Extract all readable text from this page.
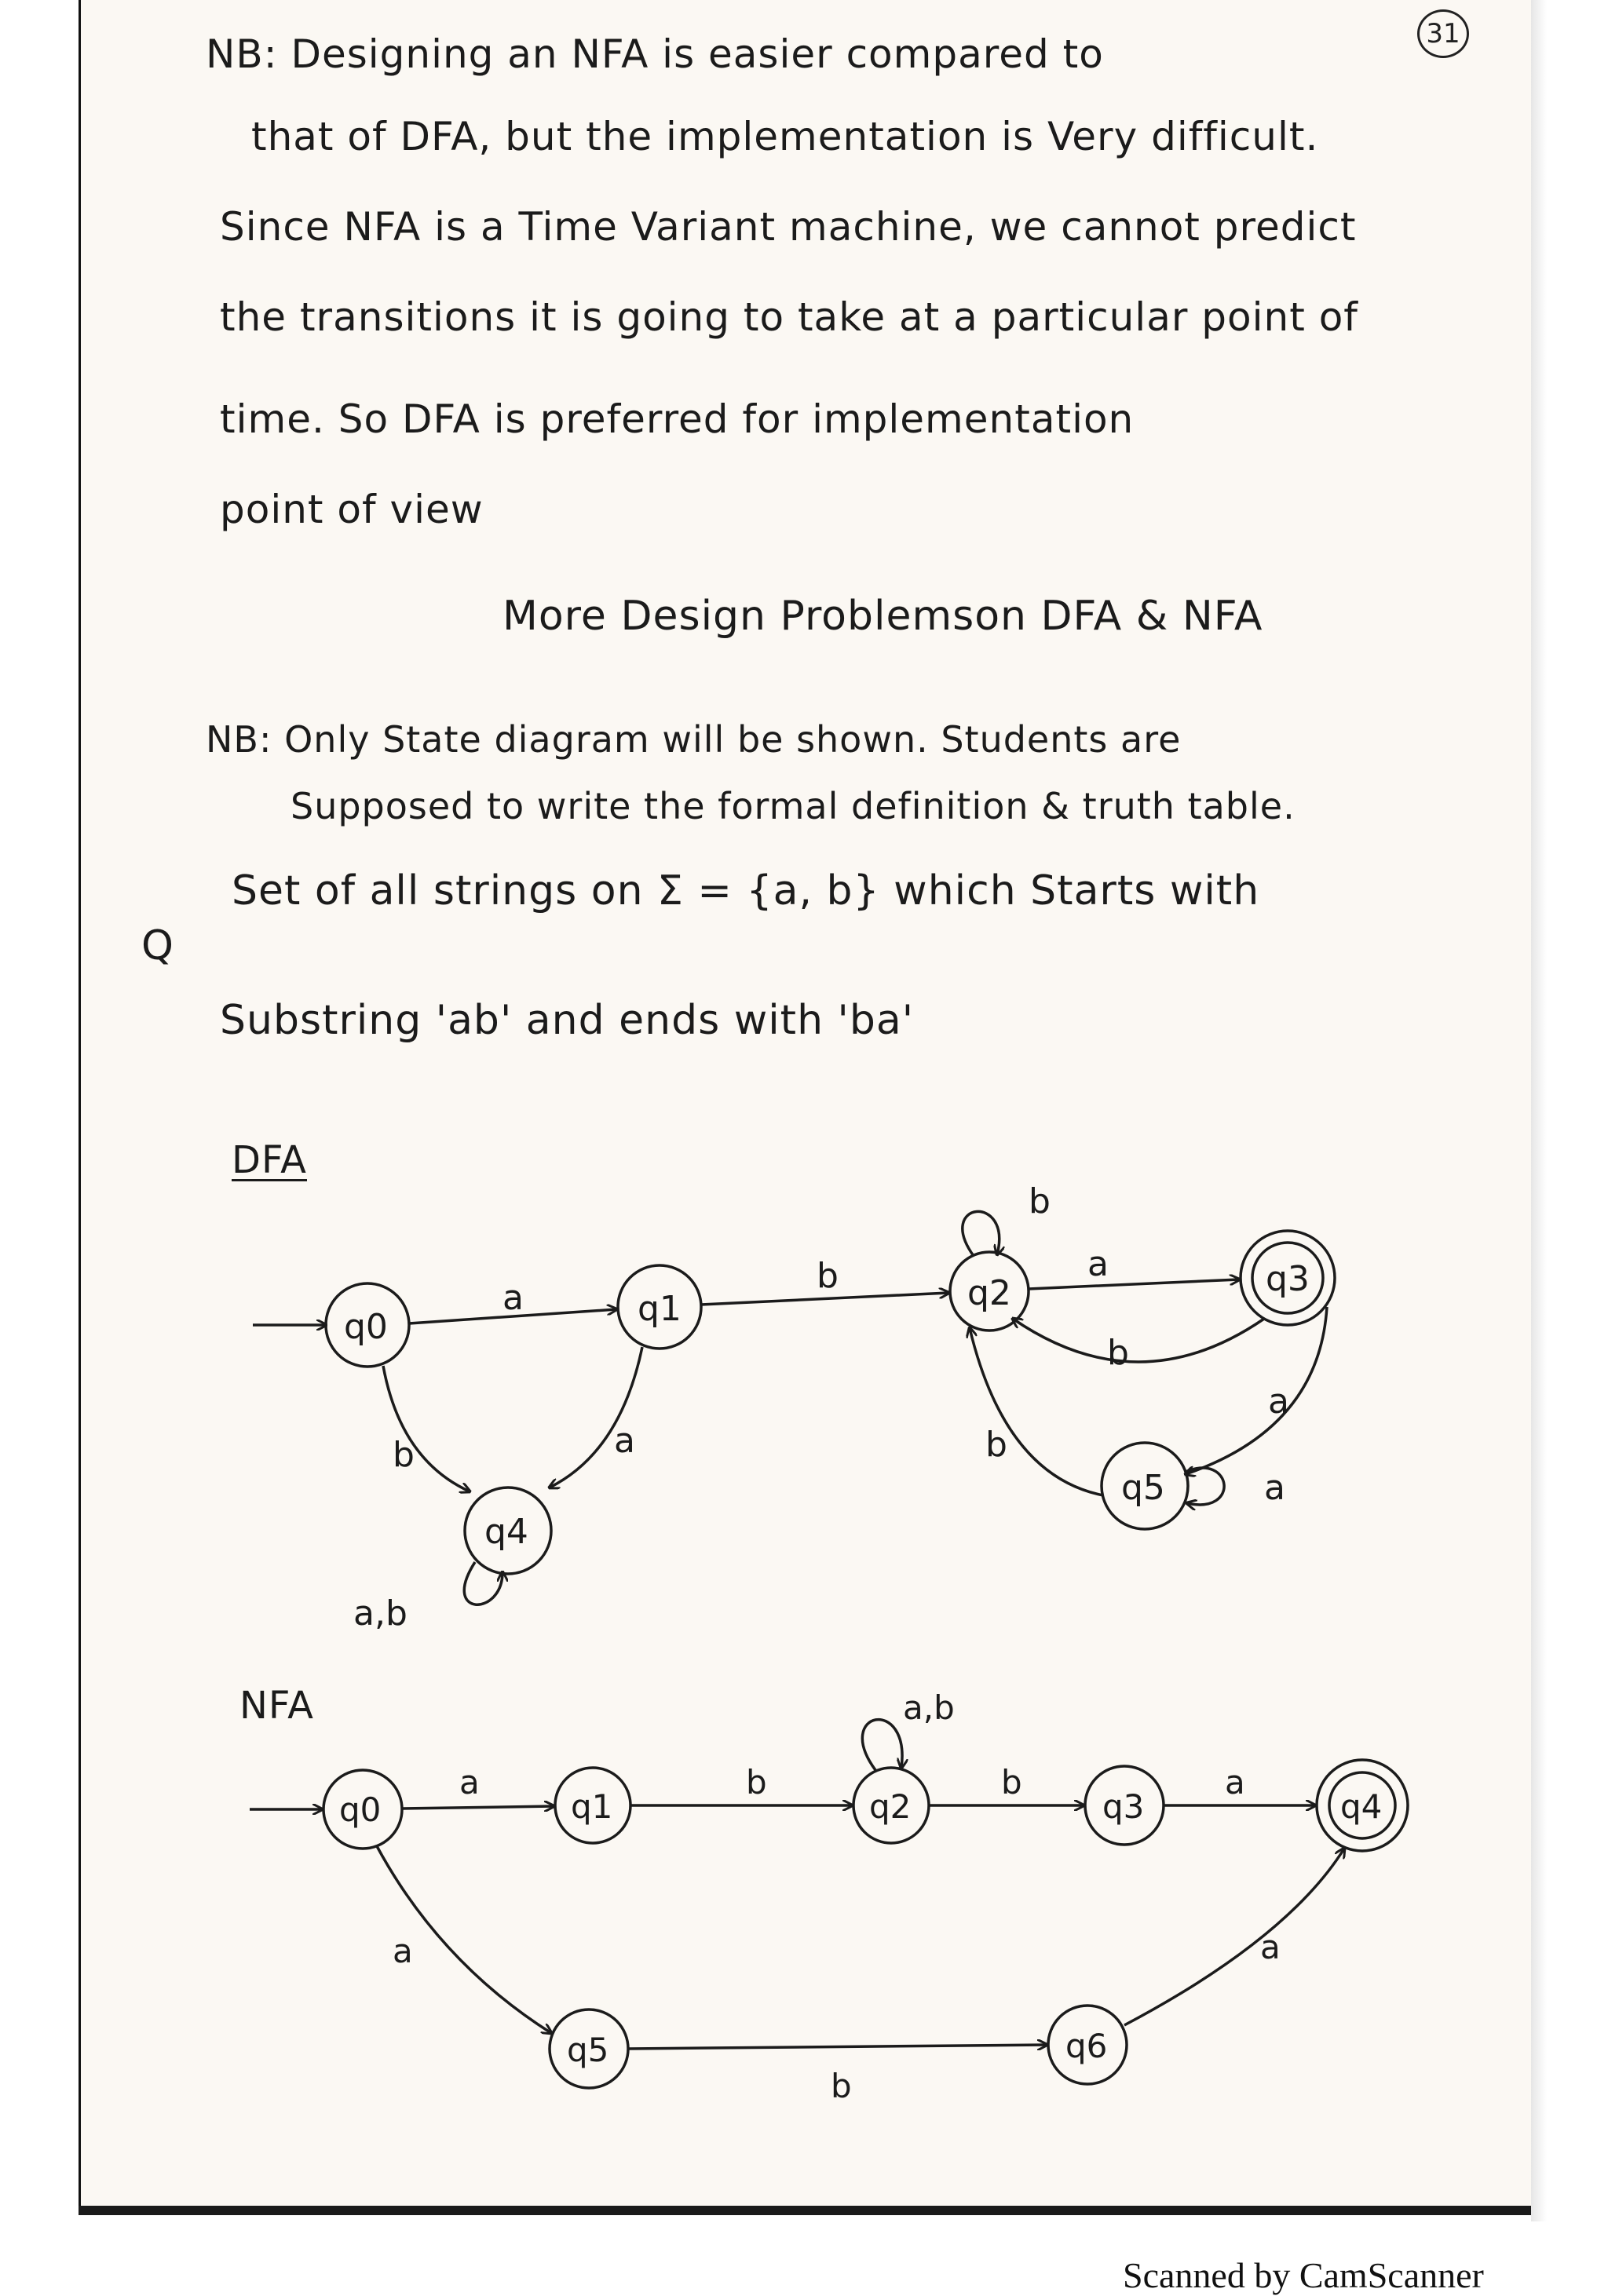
31
NB: Designing an NFA is easier compared to
that of DFA, but the implementation is Very difficult.
Since NFA is a Time Variant machine, we cannot predict
the transitions it is going to take at a particular point of
time. So DFA is preferred for implementation
point of view
More Design Problemson DFA & NFA
NB: Only State diagram will be shown. Students are
Supposed to write the formal definition & truth table.
Q
Set of all strings on Σ = {a, b} which Starts with
Substring 'ab' and ends with 'ba'
DFA
q0	q1	q2	q3
q4
q5
a
b	a
b
a
b
b	a
b
a
a,b
NFA
q0	q1	q2	q3	q4
q5	q6
a	b	b	a
a
b
a
a,b
Scanned by CamScanner
